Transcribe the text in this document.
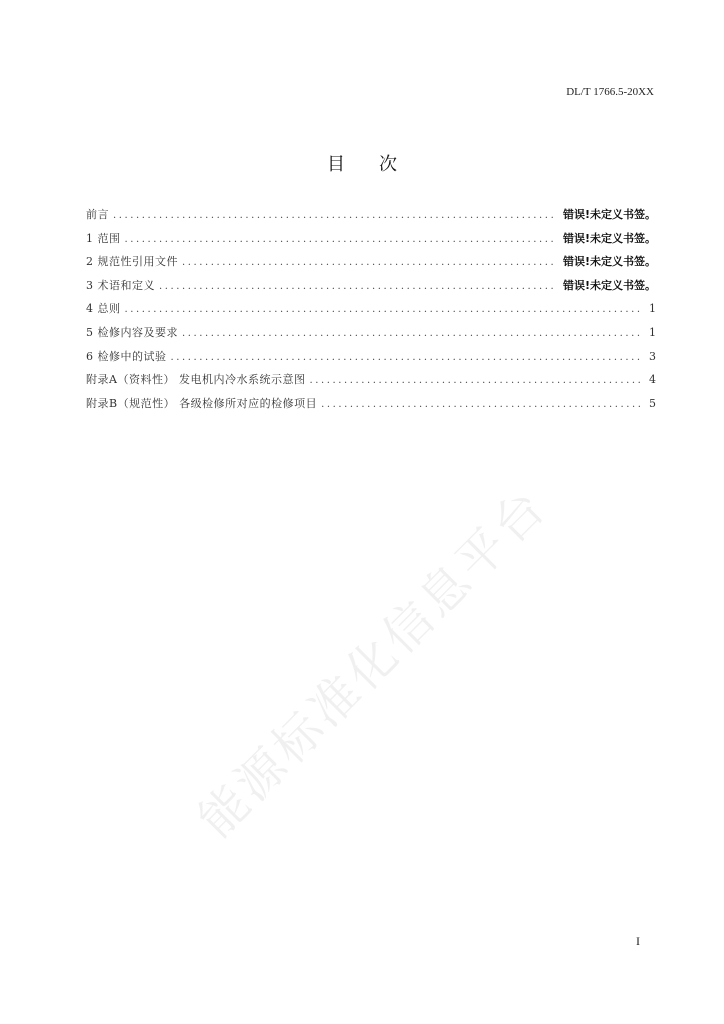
DL/T 1766.5-20XX
目 次
前言 . . .	错误!未定义书签。
1 范围 . . .	错误!未定义书签。
2 规范性引用文件 . . .	错误!未定义书签。
3 术语和定义 . . .	错误!未定义书签。
4 总则 . . .	1
5 检修内容及要求 . . .	1
6 检修中的试验 . . .	3
附录A（资料性） 发电机内冷水系统示意图 . . .	4
附录B（规范性） 各级检修所对应的检修项目 . . .	5
能源标准化信息平台
I
